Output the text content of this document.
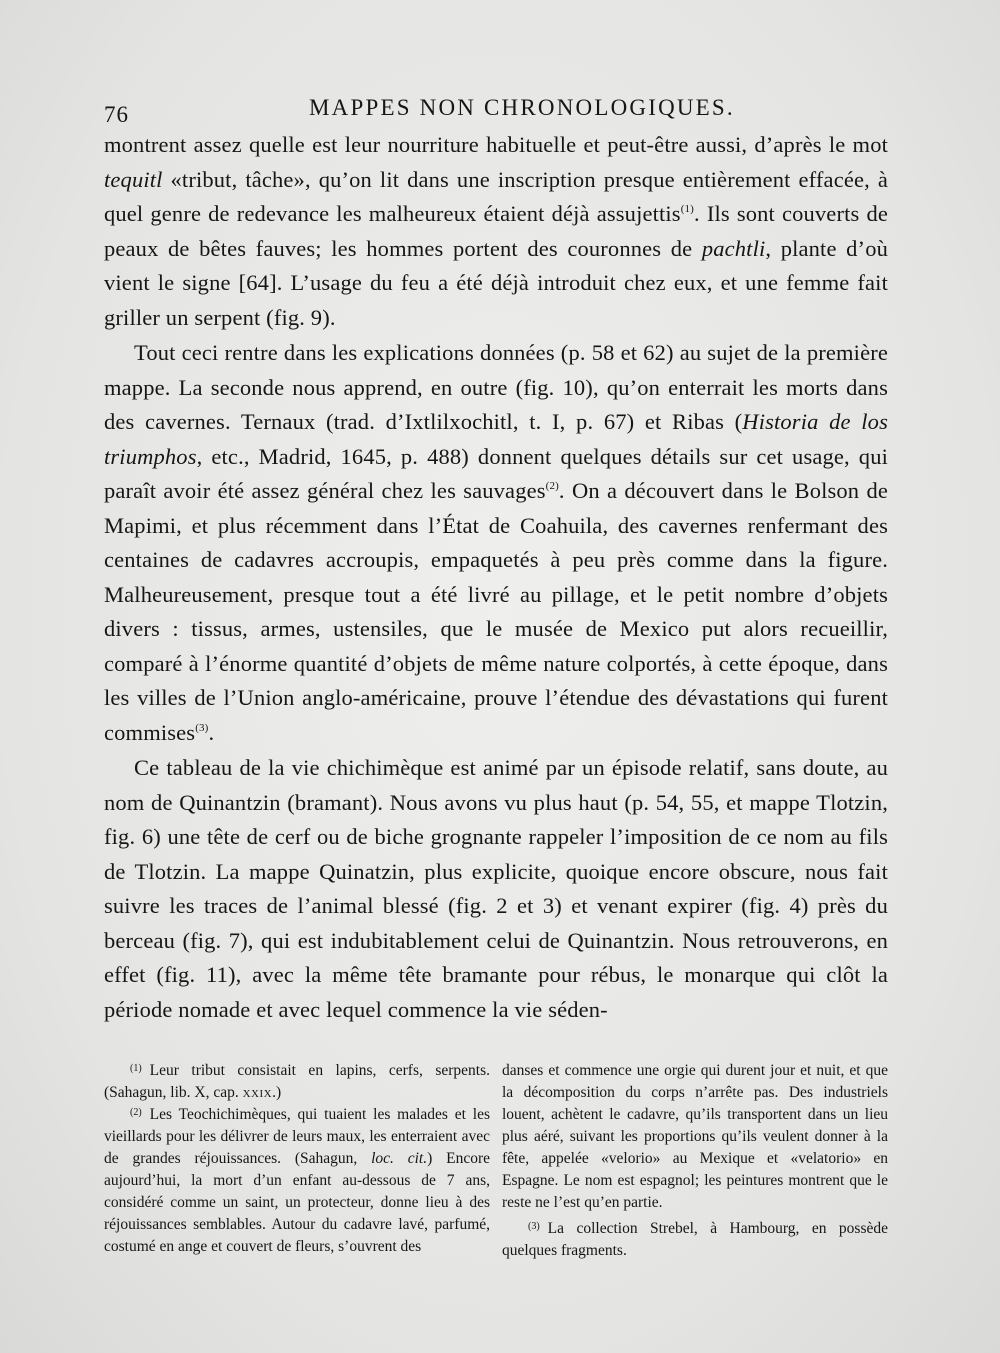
76	MAPPES NON CHRONOLOGIQUES.

montrent assez quelle est leur nourriture habituelle et peut-être aussi, d’après le mot tequitl «tribut, tâche», qu’on lit dans une inscription presque entièrement effacée, à quel genre de redevance les malheureux étaient déjà assujettis$^{(1)}$. Ils sont couverts de peaux de bêtes fauves; les hommes portent des couronnes de pachtli, plante d’où vient le signe [64]. L’usage du feu a été déjà introduit chez eux, et une femme fait griller un serpent (fig. 9).

Tout ceci rentre dans les explications données (p. 58 et 62) au sujet de la première mappe. La seconde nous apprend, en outre (fig. 10), qu’on enterrait les morts dans des cavernes. Ternaux (trad. d’Ixtlilxochitl, t. I, p. 67) et Ribas (Historia de los triumphos, etc., Madrid, 1645, p. 488) donnent quelques détails sur cet usage, qui paraît avoir été assez général chez les sauvages$^{(2)}$. On a découvert dans le Bolson de Mapimi, et plus récemment dans l’État de Coahuila, des cavernes renfermant des centaines de cadavres accroupis, empaquetés à peu près comme dans la figure. Malheureusement, presque tout a été livré au pillage, et le petit nombre d’objets divers : tissus, armes, ustensiles, que le musée de Mexico put alors recueillir, comparé à l’énorme quantité d’objets de même nature colportés, à cette époque, dans les villes de l’Union anglo-américaine, prouve l’étendue des dévastations qui furent commises$^{(3)}$.

Ce tableau de la vie chichimèque est animé par un épisode relatif, sans doute, au nom de Quinantzin (bramant). Nous avons vu plus haut (p. 54, 55, et mappe Tlotzin, fig. 6) une tête de cerf ou de biche grognante rappeler l’imposition de ce nom au fils de Tlotzin. La mappe Quinatzin, plus explicite, quoique encore obscure, nous fait suivre les traces de l’animal blessé (fig. 2 et 3) et venant expirer (fig. 4) près du berceau (fig. 7), qui est indubitablement celui de Quinantzin. Nous retrouverons, en effet (fig. 11), avec la même tête bramante pour rébus, le monarque qui clôt la période nomade et avec lequel commence la vie séden-

$^{(1)}$ Leur tribut consistait en lapins, cerfs, serpents. (Sahagun, lib. X, cap. xxix.)

$^{(2)}$ Les Teochichimèques, qui tuaient les malades et les vieillards pour les délivrer de leurs maux, les enterraient avec de grandes réjouissances. (Sahagun, loc. cit.) Encore aujourd’hui, la mort d’un enfant au-dessous de 7 ans, considéré comme un saint, un protecteur, donne lieu à des réjouissances semblables. Autour du cadavre lavé, parfumé, costumé en ange et couvert de fleurs, s’ouvrent des

danses et commence une orgie qui durent jour et nuit, et que la décomposition du corps n’arrête pas. Des industriels louent, achètent le cadavre, qu’ils transportent dans un lieu plus aéré, suivant les proportions qu’ils veulent donner à la fête, appelée «velorio» au Mexique et «velatorio» en Espagne. Le nom est espagnol; les peintures montrent que le reste ne l’est qu’en partie.

$^{(3)}$ La collection Strebel, à Hambourg, en possède quelques fragments.
